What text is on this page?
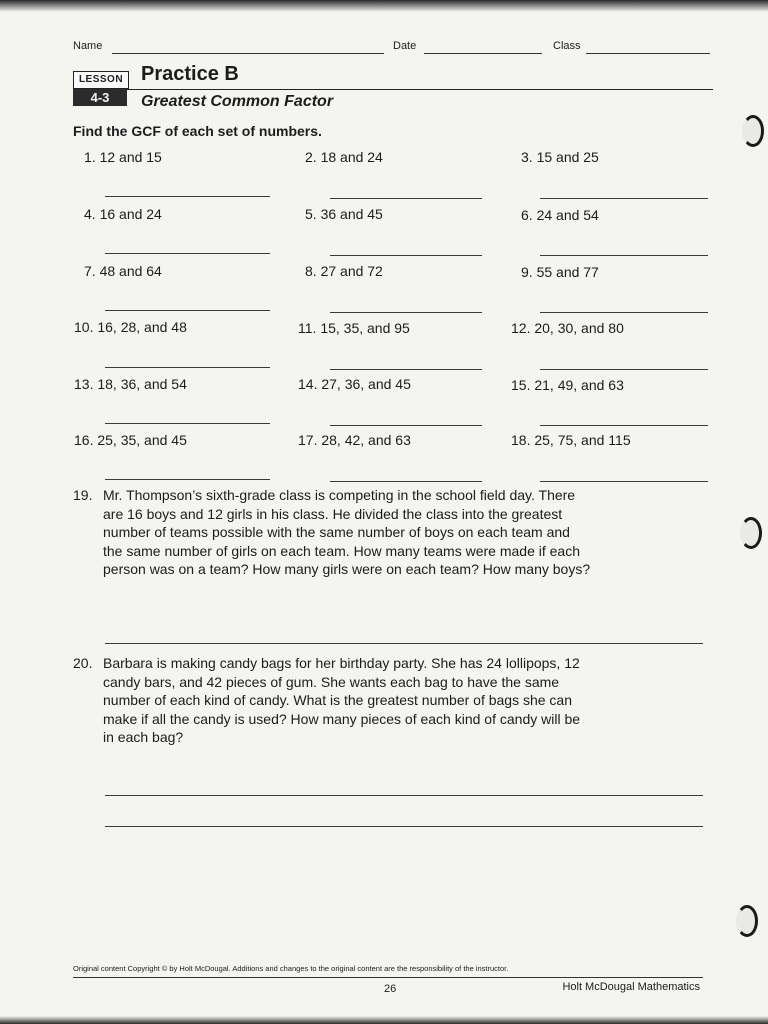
Name	Date	Class
LESSON
4-3
Practice B
Greatest Common Factor
Find the GCF of each set of numbers.
1. 12 and 15	2. 18 and 24	3. 15 and 25
4. 16 and 24	5. 36 and 45	6. 24 and 54
7. 48 and 64	8. 27 and 72	9. 55 and 77
10. 16, 28, and 48	11. 15, 35, and 95	12. 20, 30, and 80
13. 18, 36, and 54	14. 27, 36, and 45	15. 21, 49, and 63
16. 25, 35, and 45	17. 28, 42, and 63	18. 25, 75, and 115
19. Mr. Thompson’s sixth-grade class is competing in the school field day. There are 16 boys and 12 girls in his class. He divided the class into the greatest number of teams possible with the same number of boys on each team and the same number of girls on each team. How many teams were made if each person was on a team? How many girls were on each team? How many boys?
20. Barbara is making candy bags for her birthday party. She has 24 lollipops, 12 candy bars, and 42 pieces of gum. She wants each bag to have the same number of each kind of candy. What is the greatest number of bags she can make if all the candy is used? How many pieces of each kind of candy will be in each bag?
Original content Copyright © by Holt McDougal. Additions and changes to the original content are the responsibility of the instructor.
26	Holt McDougal Mathematics
